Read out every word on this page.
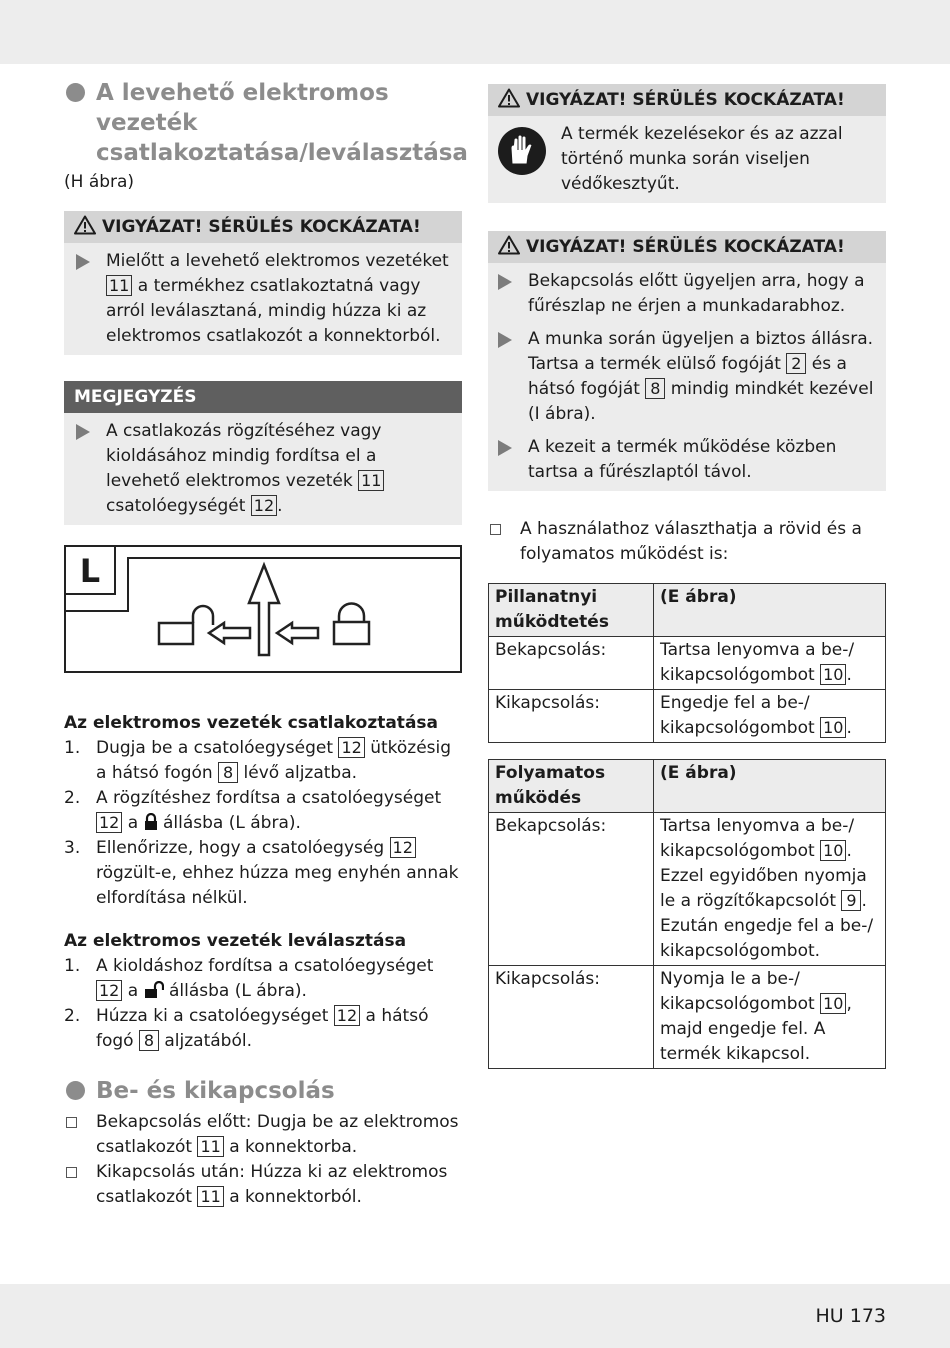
A levehető elektromos vezeték csatlakoztatása/leválasztása
(H ábra)
VIGYÁZAT! SÉRÜLÉS KOCKÁZATA!
Mielőtt a levehető elektromos vezetéket 11 a termékhez csatlakoztatná vagy arról leválasztaná, mindig húzza ki az elektromos csatlakozót a konnektorból.
MEGJEGYZÉS
A csatlakozás rögzítéséhez vagy kioldásához mindig fordítsa el a levehető elektromos vezeték 11 csatolóegységét 12 .
L
Az elektromos vezeték csatlakoztatása
1. Dugja be a csatolóegységet 12 ütközésig a hátsó fogón 8 lévő aljzatba.
2. A rögzítéshez fordítsa a csatolóegységet 12 a állásba (L ábra).
3. Ellenőrizze, hogy a csatolóegység 12 rögzült-e, ehhez húzza meg enyhén annak elfordítása nélkül.
Az elektromos vezeték leválasztása
1. A kioldáshoz fordítsa a csatolóegységet 12 a állásba (L ábra).
2. Húzza ki a csatolóegységet 12 a hátsó fogó 8 aljzatából.
Be- és kikapcsolás
Bekapcsolás előtt: Dugja be az elektromos csatlakozót 11 a konnektorba.
Kikapcsolás után: Húzza ki az elektromos csatlakozót 11 a konnektorból.
VIGYÁZAT! SÉRÜLÉS KOCKÁZATA!
A termék kezelésekor és az azzal történő munka során viseljen védőkesztyűt.
VIGYÁZAT! SÉRÜLÉS KOCKÁZATA!
Bekapcsolás előtt ügyeljen arra, hogy a fűrészlap ne érjen a munkadarabhoz.
A munka során ügyeljen a biztos állásra. Tartsa a termék elülső fogóját 2 és a hátsó fogóját 8 mindig mindkét kezével (I ábra).
A kezeit a termék működése közben tartsa a fűrészlaptól távol.
A használathoz választhatja a rövid és a folyamatos működést is:
Pillanatnyi működtetés	(E ábra)
Bekapcsolás:	Tartsa lenyomva a be-/ kikapcsológombot 10 .
Kikapcsolás:	Engedje fel a be-/ kikapcsológombot 10 .
Folyamatos működés	(E ábra)
Bekapcsolás:	Tartsa lenyomva a be-/ kikapcsológombot 10 . Ezzel egyidőben nyomja le a rögzítőkapcsolót 9 . Ezután engedje fel a be-/ kikapcsológombot.
Kikapcsolás:	Nyomja le a be-/ kikapcsológombot 10 , majd engedje fel. A termék kikapcsol.
HU 173
